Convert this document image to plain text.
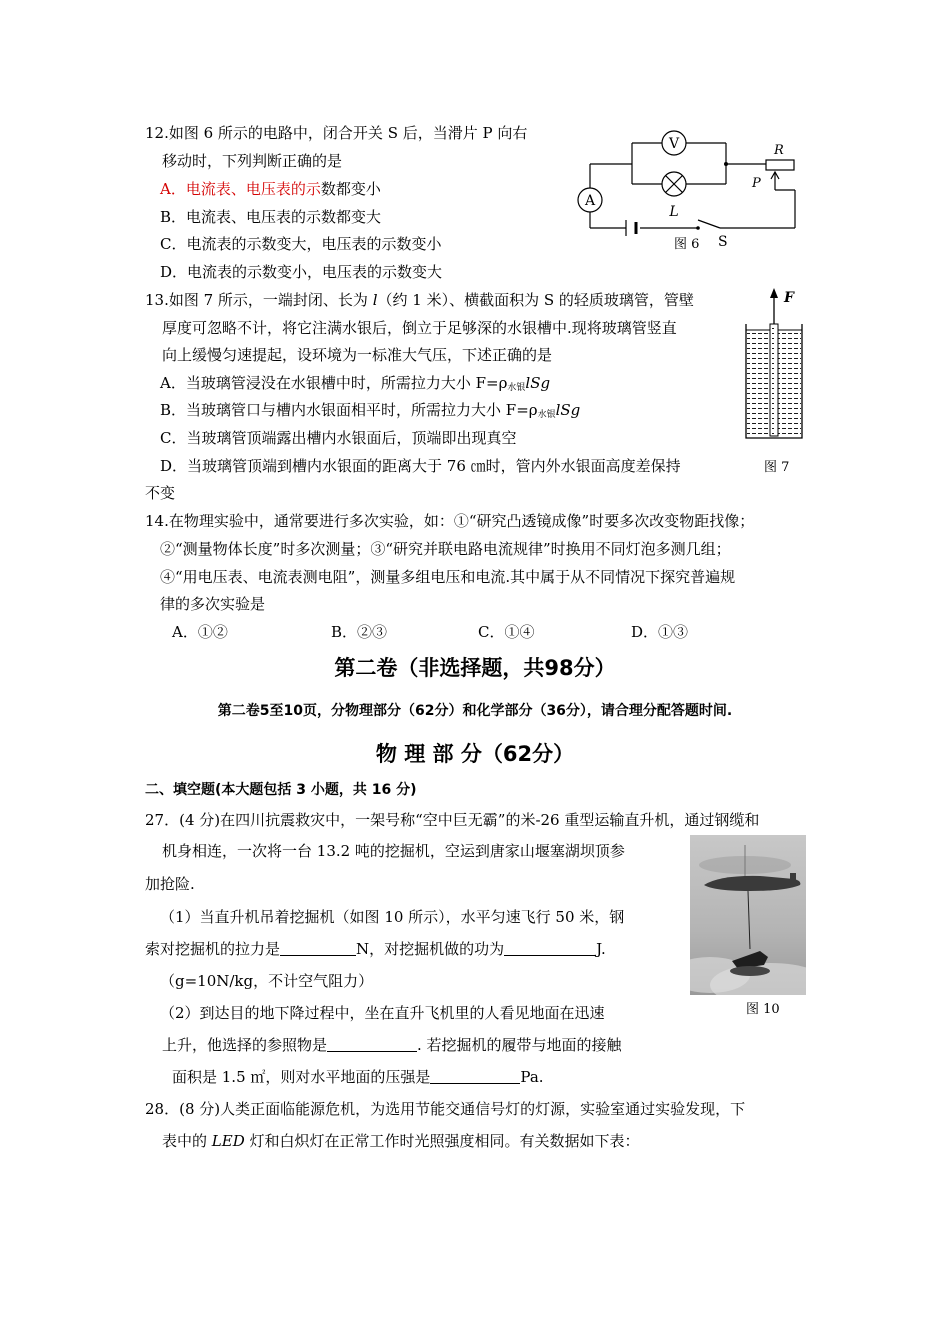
12.如图 6 所示的电路中，闭合开关 S 后，当滑片 P 向右
移动时，下列判断正确的是
A．电流表、电压表的示数都变小
B．电流表、电压表的示数都变大
C．电流表的示数变大，电压表的示数变小
D．电流表的示数变小，电压表的示数变大
V
A
L
R
P
S
图 6
13.如图 7 所示，一端封闭、长为 l（约 1 米）、横截面积为 S 的轻质玻璃管，管壁
厚度可忽略不计，将它注满水银后，倒立于足够深的水银槽中.现将玻璃管竖直
向上缓慢匀速提起，设环境为一标准大气压，下述正确的是
A．当玻璃管浸没在水银槽中时，所需拉力大小 $F=\rho_{水银}lSg$
B．当玻璃管口与槽内水银面相平时，所需拉力大小 $F=\rho_{水银}lSg$
C．当玻璃管顶端露出槽内水银面后，顶端即出现真空
D．当玻璃管顶端到槽内水银面的距离大于 76 ㎝时，管内外水银面高度差保持
不变
F
图 7
14.在物理实验中，通常要进行多次实验，如：①“研究凸透镜成像”时要多次改变物距找像；
②“测量物体长度”时多次测量；③“研究并联电路电流规律”时换用不同灯泡多测几组；
④“用电压表、电流表测电阻”，测量多组电压和电流.其中属于从不同情况下探究普遍规
律的多次实验是
A．①②	B．②③	C．①④	D．①③
第二卷（非选择题，共98分）
第二卷5至10页，分物理部分（62分）和化学部分（36分），请合理分配答题时间.
物 理 部 分（62分）
二、填空题(本大题包括 3 小题，共 16 分)
27．(4 分)在四川抗震救灾中，一架号称“空中巨无霸”的米-26 重型运输直升机，通过钢缆和
机身相连，一次将一台 13.2 吨的挖掘机，空运到唐家山堰塞湖坝顶参
加抢险.
（1）当直升机吊着挖掘机（如图 10 所示），水平匀速飞行 50 米，钢
索对挖掘机的拉力是	N，对挖掘机做的功为	J.
（g=10N/kg，不计空气阻力）
（2）到达目的地下降过程中，坐在直升飞机里的人看见地面在迅速
上升，他选择的参照物是	. 若挖掘机的履带与地面的接触
面积是 1.5 ㎡，则对水平地面的压强是	Pa.
图 10
28．(8 分)人类正面临能源危机，为选用节能交通信号灯的灯源，实验室通过实验发现，下
表中的 LED 灯和白炽灯在正常工作时光照强度相同。有关数据如下表：
